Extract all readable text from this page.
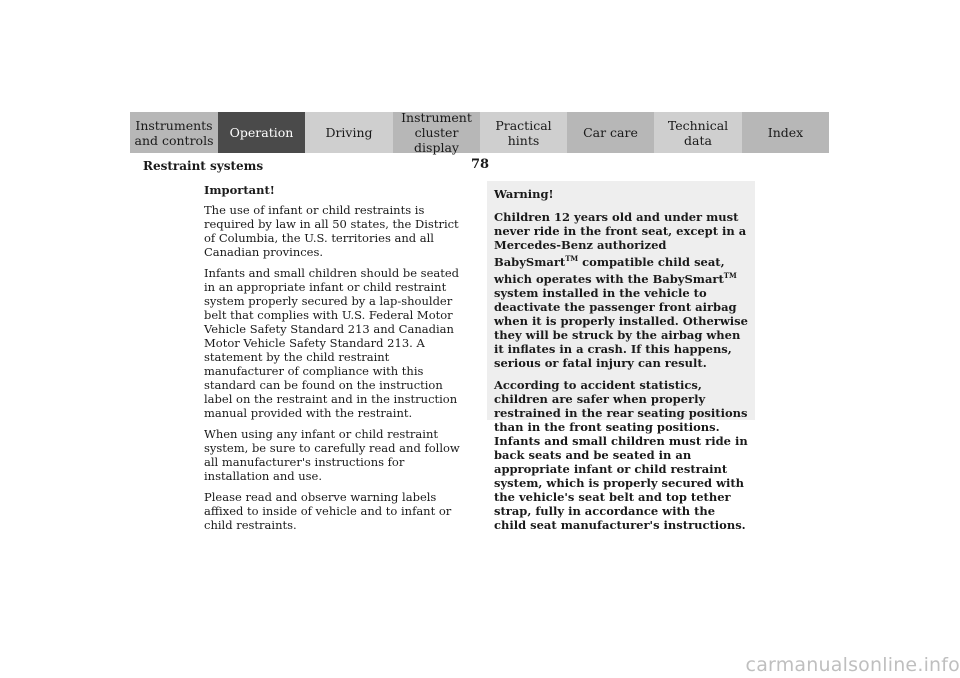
Instruments
and controls Operation	Driving
Instrument
cluster display
Practical hints	Car care Technical
data	Index
78
Restraint systems
Important!

The use of infant or child restraints is required by law in all 50 states, the District of Columbia, the U.S. territories and all Canadian provinces.

Infants and small children should be seated in an appropriate infant or child restraint system properly secured by a lap-shoulder belt that complies with U.S. Federal Motor Vehicle Safety Standard 213 and Canadian Motor Vehicle Safety Standard 213. A statement by the child restraint manufacturer of compliance with this standard can be found on the instruction label on the restraint and in the instruction manual provided with the restraint.

When using any infant or child restraint system, be sure to carefully read and follow all manufacturer's instructions for installation and use.

Please read and observe warning labels affixed to inside of vehicle and to infant or child restraints.

Warning!

Children 12 years old and under must never ride in the front seat, except in a Mercedes-Benz authorized BabySmart™ compatible child seat, which operates with the BabySmart™ system installed in the vehicle to deactivate the passenger front airbag when it is properly installed. Otherwise they will be struck by the airbag when it inflates in a crash. If this happens, serious or fatal injury can result.

According to accident statistics, children are safer when properly restrained in the rear seating positions than in the front seating positions. Infants and small children must ride in back seats and be seated in an appropriate infant or child restraint system, which is properly secured with the vehicle's seat belt and top tether strap, fully in accordance with the child seat manufacturer's instructions.

carmanualsonline.info
